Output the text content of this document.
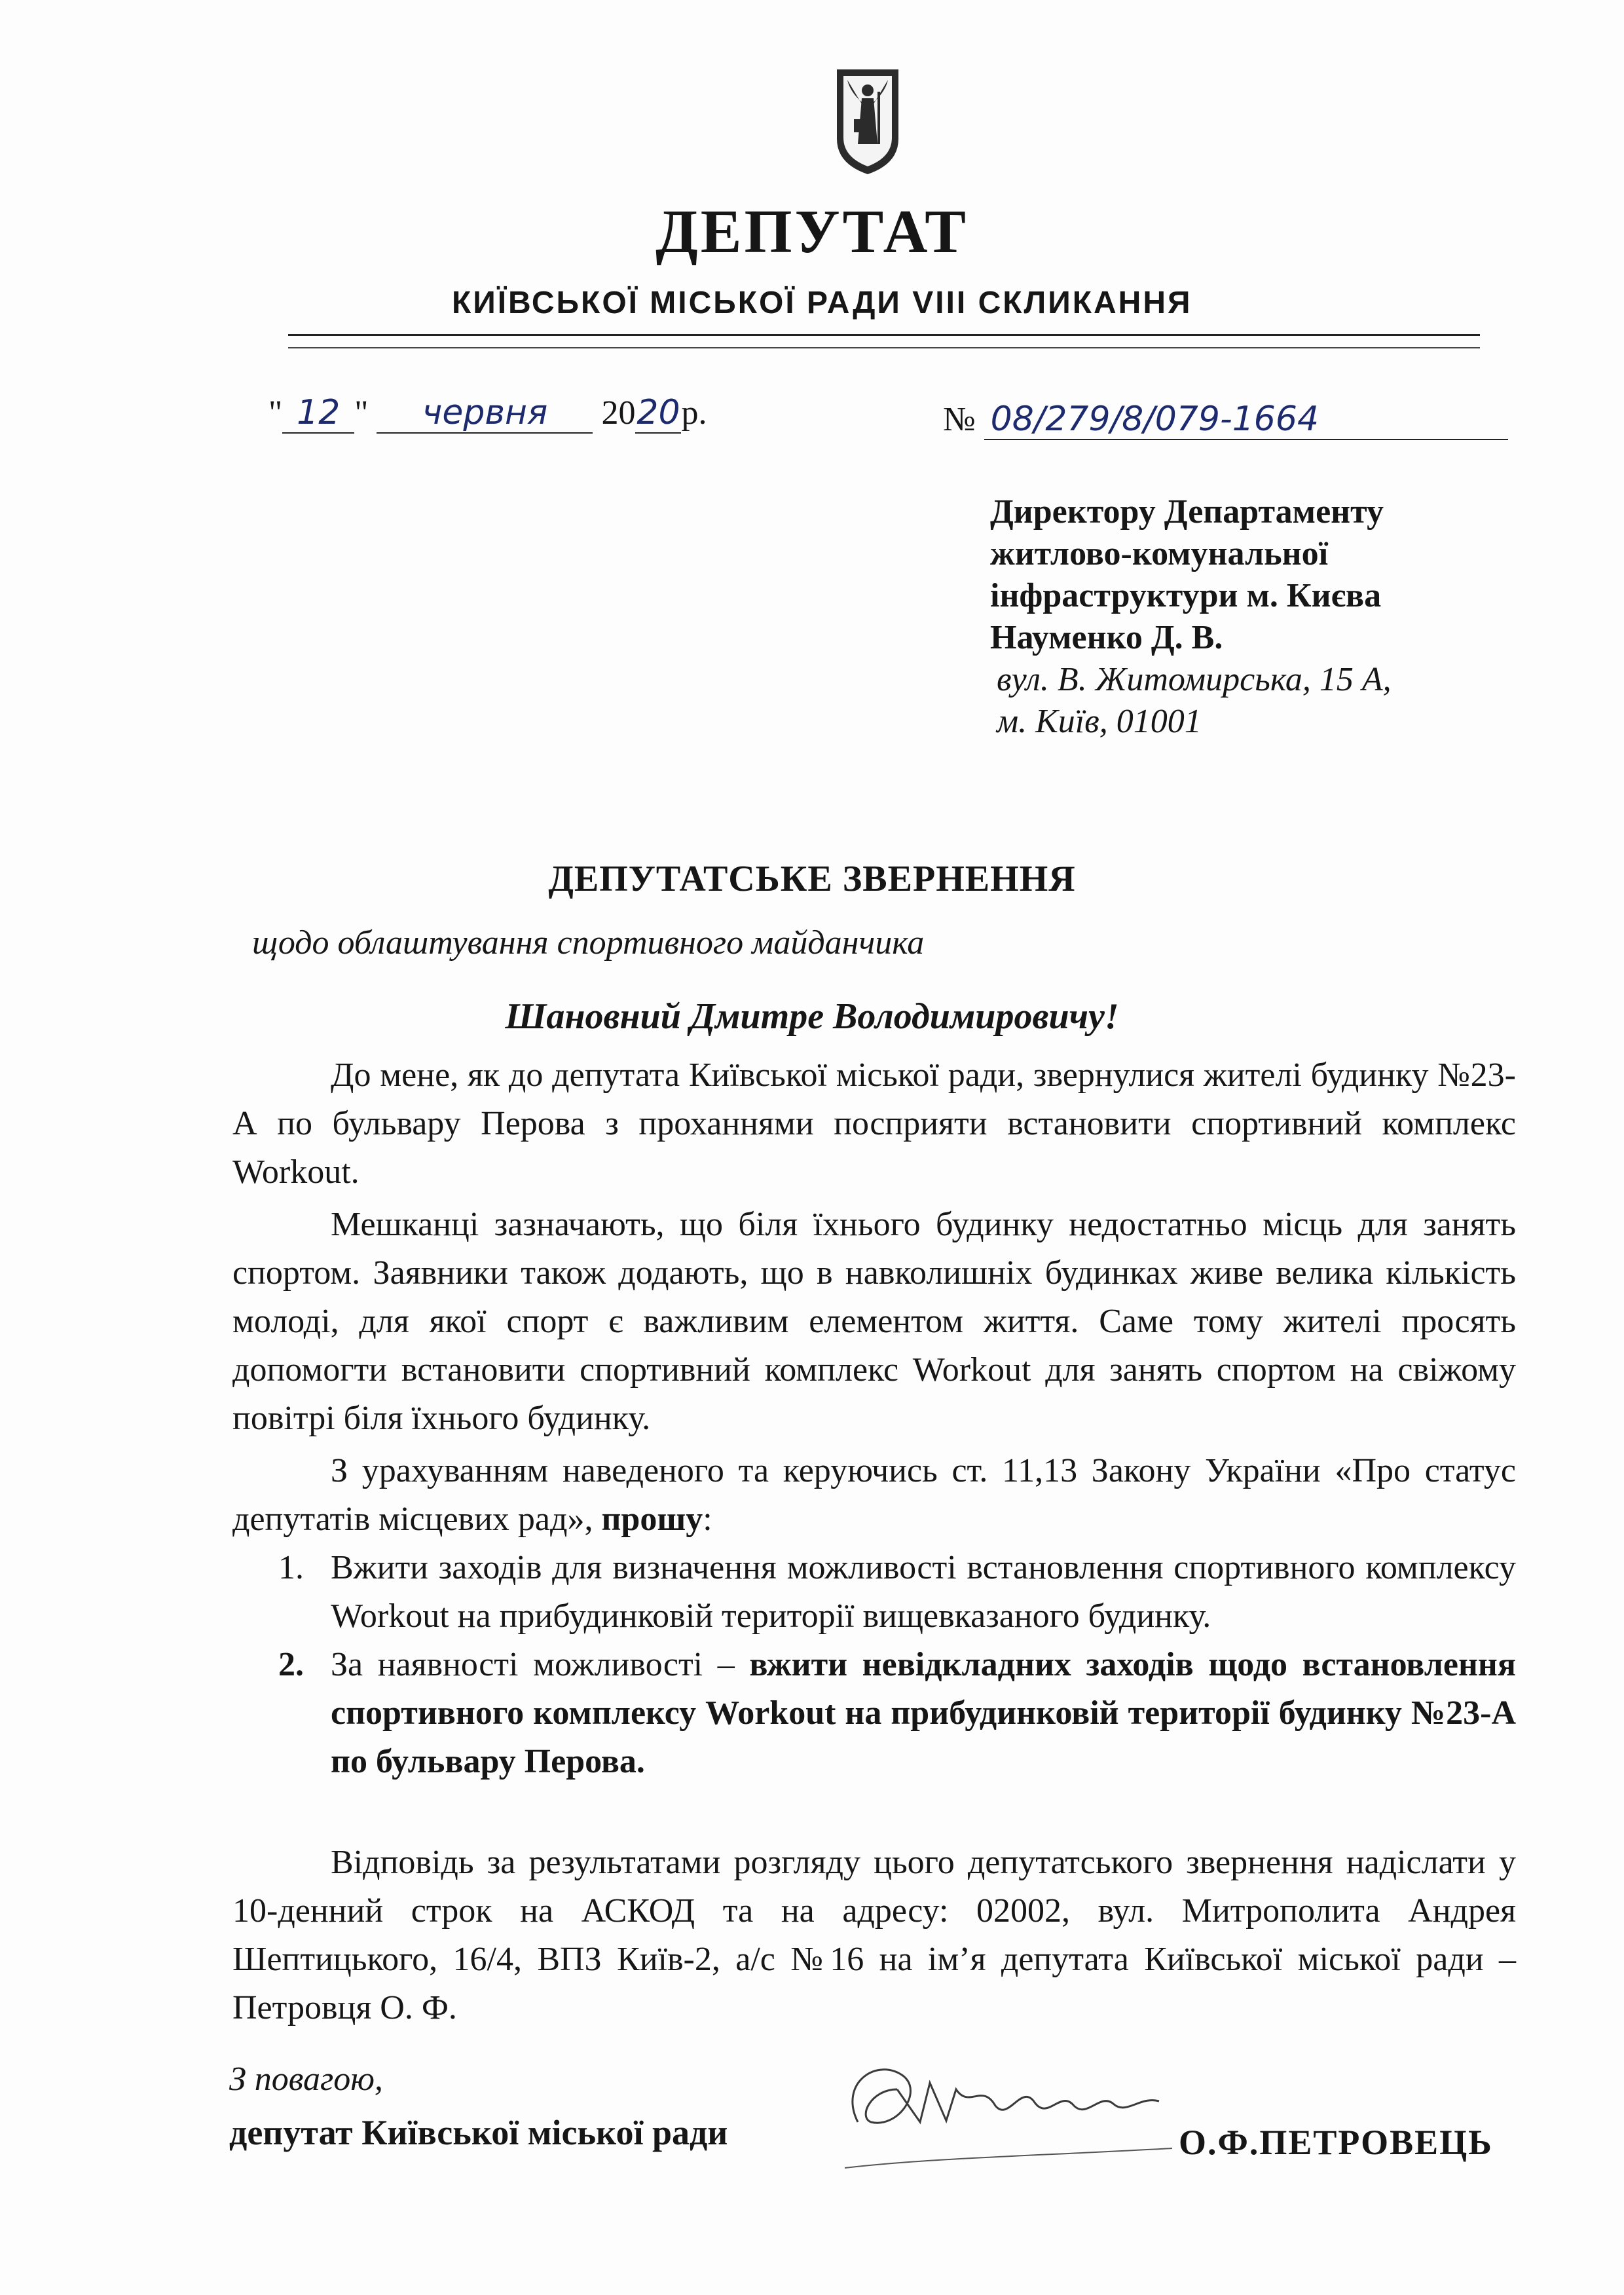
ДЕПУТАТ
КИЇВСЬКОЇ МІСЬКОЇ РАДИ VIII СКЛИКАННЯ
" 12 " червня 2020р.	№ 08/279/8/079-1664
Директору Департаменту
житлово-комунальної
інфраструктури м. Києва
Науменко Д. В.
вул. В. Житомирська, 15 А,
м. Київ, 01001
ДЕПУТАТСЬКЕ ЗВЕРНЕННЯ
щодо облаштування спортивного майданчика
Шановний Дмитре Володимировичу!

До мене, як до депутата Київської міської ради, звернулися жителі будинку №23-А по бульвару Перова з проханнями посприяти встановити спортивний комплекс Workout.

Мешканці зазначають, що біля їхнього будинку недостатньо місць для занять спортом. Заявники також додають, що в навколишніх будинках живе велика кількість молоді, для якої спорт є важливим елементом життя. Саме тому жителі просять допомогти встановити спортивний комплекс Workout для занять спортом на свіжому повітрі біля їхнього будинку.

З урахуванням наведеного та керуючись ст. 11,13 Закону України «Про статус депутатів місцевих рад», прошу:

1. Вжити заходів для визначення можливості встановлення спортивного комплексу Workout на прибудинковій території вищевказаного будинку.
2. За наявності можливості – вжити невідкладних заходів щодо встановлення спортивного комплексу Workout на прибудинковій території будинку №23-А по бульвару Перова.

Відповідь за результатами розгляду цього депутатського звернення надіслати у 10-денний строк на АСКОД та на адресу: 02002, вул. Митрополита Андрея Шептицького, 16/4, ВПЗ Київ-2, а/с №16 на ім’я депутата Київської міської ради – Петровця О. Ф.

З повагою,
депутат Київської міської ради	О.Ф.ПЕТРОВЕЦЬ
